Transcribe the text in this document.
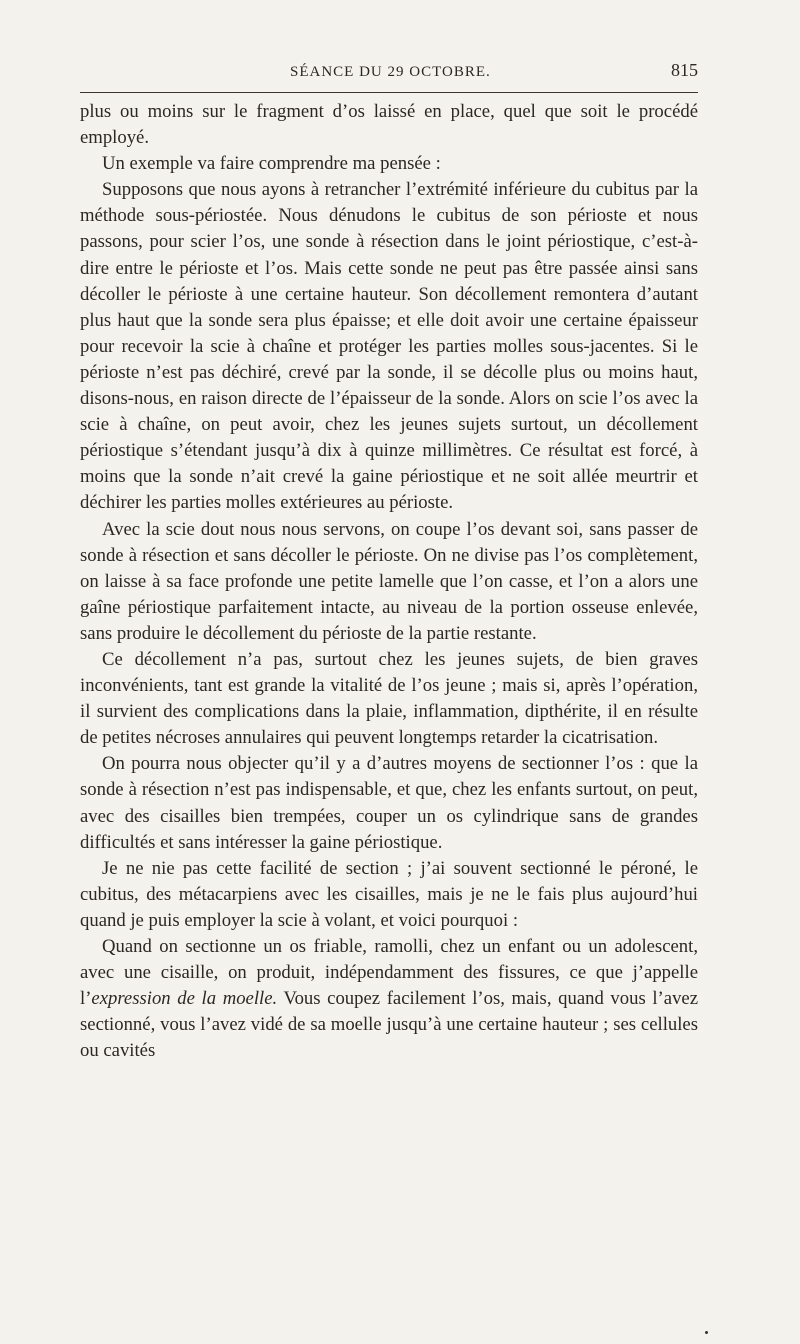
SÉANCE DU 29 OCTOBRE.	815

plus ou moins sur le fragment d’os laissé en place, quel que soit le procédé employé.

Un exemple va faire comprendre ma pensée :

Supposons que nous ayons à retrancher l’extrémité inférieure du cubitus par la méthode sous-périostée. Nous dénudons le cubitus de son périoste et nous passons, pour scier l’os, une sonde à résection dans le joint périostique, c’est-à-dire entre le périoste et l’os. Mais cette sonde ne peut pas être passée ainsi sans décoller le périoste à une certaine hauteur. Son décollement remontera d’autant plus haut que la sonde sera plus épaisse; et elle doit avoir une certaine épaisseur pour recevoir la scie à chaîne et protéger les parties molles sous-jacentes. Si le périoste n’est pas déchiré, crevé par la sonde, il se décolle plus ou moins haut, disons-nous, en raison directe de l’épaisseur de la sonde. Alors on scie l’os avec la scie à chaîne, on peut avoir, chez les jeunes sujets surtout, un décollement périostique s’étendant jusqu’à dix à quinze millimètres. Ce résultat est forcé, à moins que la sonde n’ait crevé la gaine périostique et ne soit allée meurtrir et déchirer les parties molles extérieures au périoste.

Avec la scie dout nous nous servons, on coupe l’os devant soi, sans passer de sonde à résection et sans décoller le périoste. On ne divise pas l’os complètement, on laisse à sa face profonde une petite lamelle que l’on casse, et l’on a alors une gaîne périostique parfaitement intacte, au niveau de la portion osseuse enlevée, sans produire le décollement du périoste de la partie restante.

Ce décollement n’a pas, surtout chez les jeunes sujets, de bien graves inconvénients, tant est grande la vitalité de l’os jeune ; mais si, après l’opération, il survient des complications dans la plaie, inflammation, dipthérite, il en résulte de petites nécroses annulaires qui peuvent longtemps retarder la cicatrisation.

On pourra nous objecter qu’il y a d’autres moyens de sectionner l’os : que la sonde à résection n’est pas indispensable, et que, chez les enfants surtout, on peut, avec des cisailles bien trempées, couper un os cylindrique sans de grandes difficultés et sans intéresser la gaine périostique.

Je ne nie pas cette facilité de section ; j’ai souvent sectionné le péroné, le cubitus, des métacarpiens avec les cisailles, mais je ne le fais plus aujourd’hui quand je puis employer la scie à volant, et voici pourquoi :

Quand on sectionne un os friable, ramolli, chez un enfant ou un adolescent, avec une cisaille, on produit, indépendamment des fissures, ce que j’appelle l’expression de la moelle. Vous coupez facilement l’os, mais, quand vous l’avez sectionné, vous l’avez vidé de sa moelle jusqu’à une certaine hauteur ; ses cellules ou cavités
